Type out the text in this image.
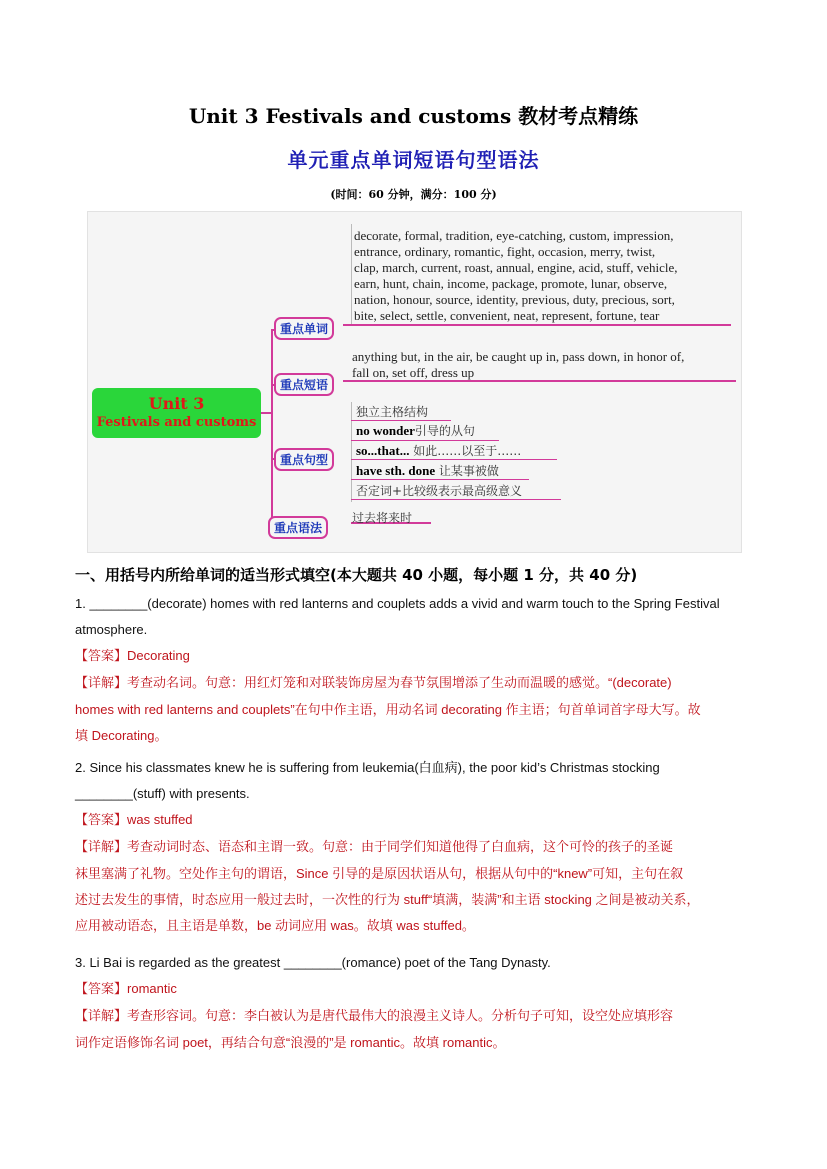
Unit 3 Festivals and customs 教材考点精练
单元重点单词短语句型语法
(时间：60 分钟，满分：100 分)
Unit 3
Festivals and customs
重点单词
重点短语
重点句型
重点语法
decorate, formal, tradition, eye-catching, custom, impression,
entrance, ordinary, romantic, fight, occasion, merry, twist,
clap, march, current, roast, annual, engine, acid, stuff, vehicle,
earn, hunt, chain, income, package, promote, lunar, observe,
nation, honour, source, identity, previous, duty, precious, sort,
bite, select, settle, convenient, neat, represent, fortune, tear
anything but, in the air, be caught up in, pass down, in honor of,
fall on, set off, dress up
独立主格结构
no wonder引导的从句
so...that... 如此……以至于……
have sth. done 让某事被做
否定词+比较级表示最高级意义
过去将来时
一、用括号内所给单词的适当形式填空(本大题共 40 小题，每小题 1 分，共 40 分)
1. ________(decorate) homes with red lanterns and couplets adds a vivid and warm touch to the Spring Festival
atmosphere.
【答案】Decorating
【详解】考查动名词。句意：用红灯笼和对联装饰房屋为春节氛围增添了生动而温暖的感觉。“(decorate)
homes with red lanterns and couplets”在句中作主语，用动名词 decorating 作主语；句首单词首字母大写。故
填 Decorating。
2. Since his classmates knew he is suffering from leukemia(白血病), the poor kid’s Christmas stocking
________(stuff) with presents.
【答案】was stuffed
【详解】考查动词时态、语态和主谓一致。句意：由于同学们知道他得了白血病，这个可怜的孩子的圣诞
袜里塞满了礼物。空处作主句的谓语，Since 引导的是原因状语从句，根据从句中的“knew”可知，主句在叙
述过去发生的事情，时态应用一般过去时，一次性的行为 stuff“填满，装满”和主语 stocking 之间是被动关系，
应用被动语态，且主语是单数，be 动词应用 was。故填 was stuffed。
3. Li Bai is regarded as the greatest ________(romance) poet of the Tang Dynasty.
【答案】romantic
【详解】考查形容词。句意：李白被认为是唐代最伟大的浪漫主义诗人。分析句子可知，设空处应填形容
词作定语修饰名词 poet，再结合句意“浪漫的”是 romantic。故填 romantic。
